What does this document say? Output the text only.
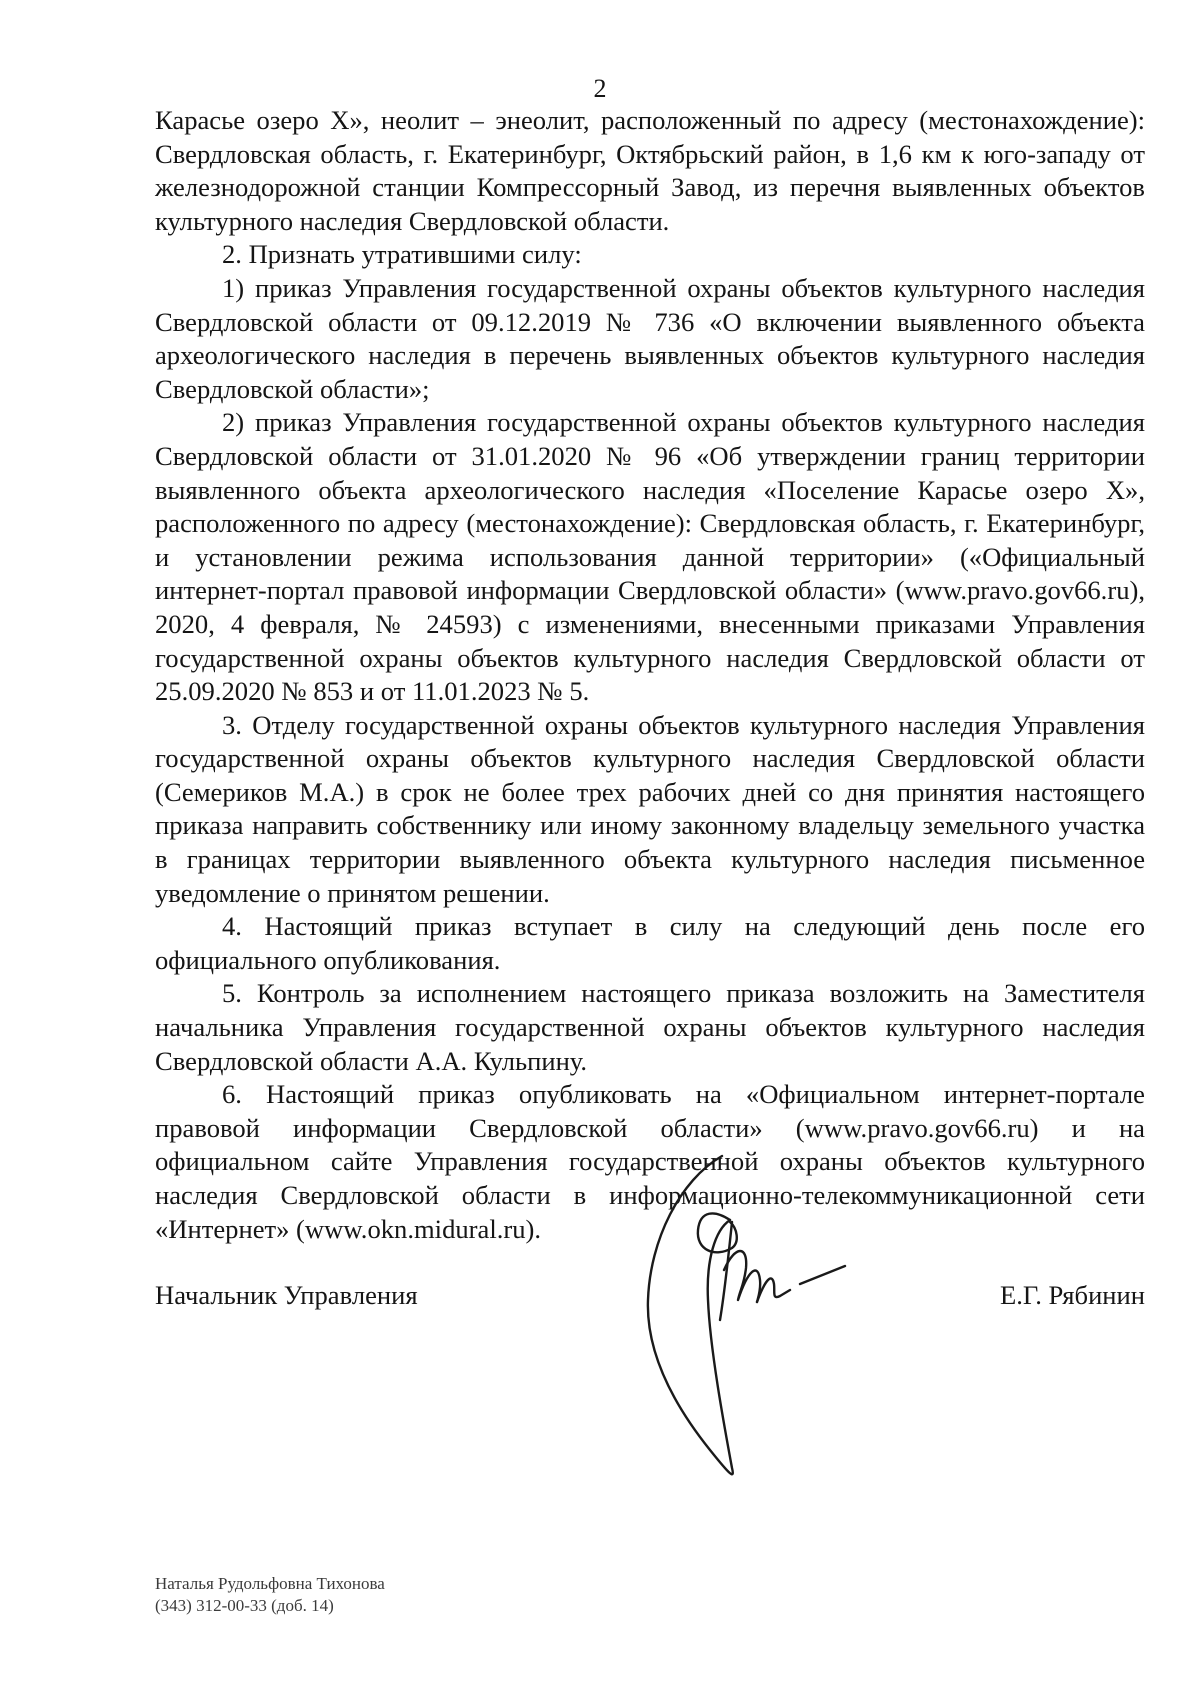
2

Карасье озеро X», неолит – энеолит, расположенный по адресу (местонахождение): Свердловская область, г. Екатеринбург, Октябрьский район, в 1,6 км к юго-западу от железнодорожной станции Компрессорный Завод, из перечня выявленных объектов культурного наследия Свердловской области.

2. Признать утратившими силу:

1) приказ Управления государственной охраны объектов культурного наследия Свердловской области от 09.12.2019 № 736 «О включении выявленного объекта археологического наследия в перечень выявленных объектов культурного наследия Свердловской области»;

2) приказ Управления государственной охраны объектов культурного наследия Свердловской области от 31.01.2020 № 96 «Об утверждении границ территории выявленного объекта археологического наследия «Поселение Карасье озеро X», расположенного по адресу (местонахождение): Свердловская область, г. Екатеринбург, и установлении режима использования данной территории» («Официальный интернет-портал правовой информации Свердловской области» (www.pravo.gov66.ru), 2020, 4 февраля, № 24593) с изменениями, внесенными приказами Управления государственной охраны объектов культурного наследия Свердловской области от 25.09.2020 № 853 и от 11.01.2023 № 5.

3. Отделу государственной охраны объектов культурного наследия Управления государственной охраны объектов культурного наследия Свердловской области (Семериков М.А.) в срок не более трех рабочих дней со дня принятия настоящего приказа направить собственнику или иному законному владельцу земельного участка в границах территории выявленного объекта культурного наследия письменное уведомление о принятом решении.

4. Настоящий приказ вступает в силу на следующий день после его официального опубликования.

5. Контроль за исполнением настоящего приказа возложить на Заместителя начальника Управления государственной охраны объектов культурного наследия Свердловской области А.А. Кульпину.

6. Настоящий приказ опубликовать на «Официальном интернет-портале правовой информации Свердловской области» (www.pravo.gov66.ru) и на официальном сайте Управления государственной охраны объектов культурного наследия Свердловской области в информационно-телекоммуникационной сети «Интернет» (www.okn.midural.ru).

Начальник Управления	Е.Г. Рябинин
Наталья Рудольфовна Тихонова
(343) 312-00-33 (доб. 14)
